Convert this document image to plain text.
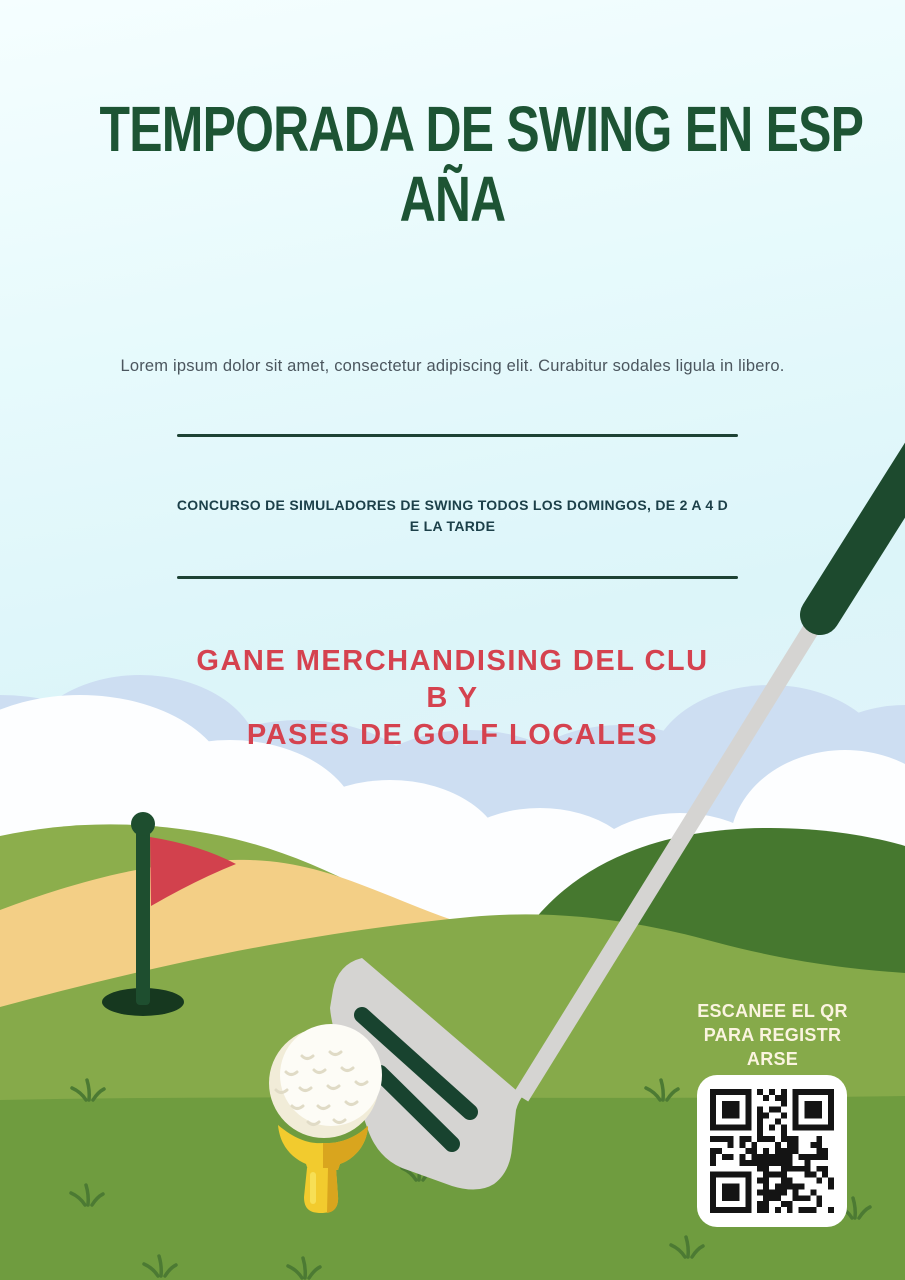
TEMPORADA DE SWING EN ESP
AÑA
Lorem ipsum dolor sit amet, consectetur adipiscing elit. Curabitur sodales ligula in libero.
CONCURSO DE SIMULADORES DE SWING TODOS LOS DOMINGOS, DE 2 A 4 D
E LA TARDE
GANE MERCHANDISING DEL CLU
B Y
PASES DE GOLF LOCALES
ESCANEE EL QR
PARA REGISTR
ARSE
